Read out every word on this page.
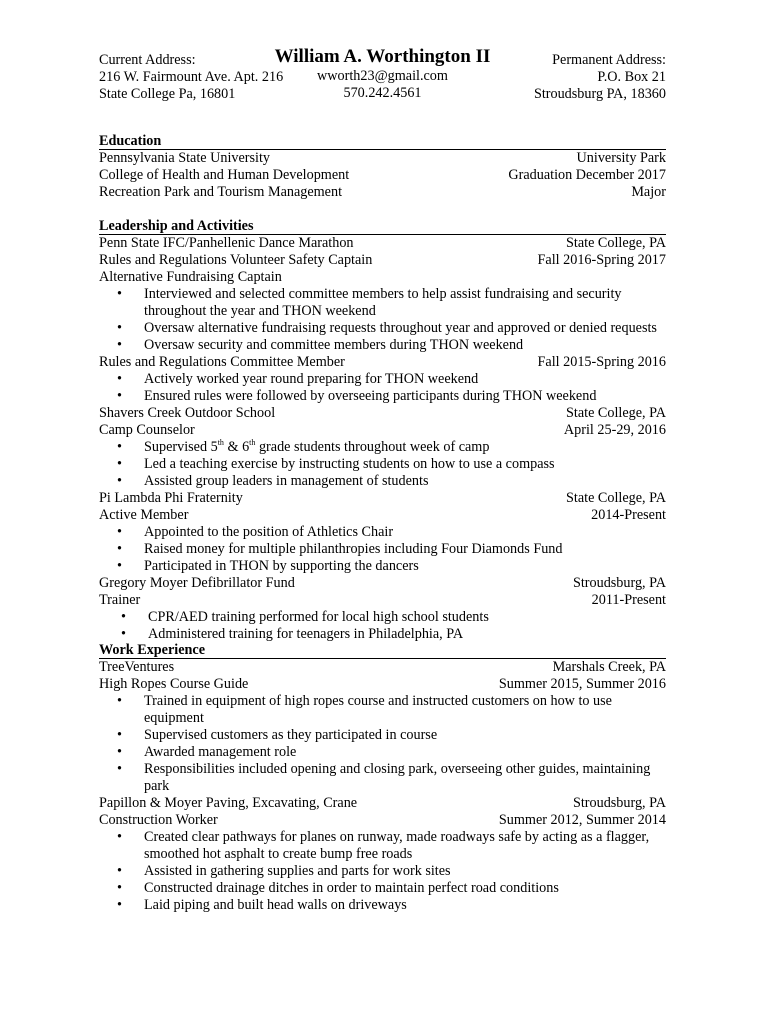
Current Address:
216 W. Fairmount Ave. Apt. 216
State College Pa, 16801
William A. Worthington II
wworth23@gmail.com
570.242.4561
Permanent Address:
P.O. Box 21
Stroudsburg PA, 18360
Education
Pennsylvania State University	University Park
College of Health and Human Development	Graduation December 2017
Recreation Park and Tourism Management	Major
Leadership and Activities
Penn State IFC/Panhellenic Dance Marathon	State College, PA
Rules and Regulations Volunteer Safety Captain	Fall 2016-Spring 2017
Alternative Fundraising Captain
• Interviewed and selected committee members to help assist fundraising and security throughout the year and THON weekend
• Oversaw alternative fundraising requests throughout year and approved or denied requests
• Oversaw security and committee members during THON weekend
Rules and Regulations Committee Member	Fall 2015-Spring 2016
• Actively worked year round preparing for THON weekend
• Ensured rules were followed by overseeing participants during THON weekend
Shavers Creek Outdoor School	State College, PA
Camp Counselor	April 25-29, 2016
• Supervised 5th & 6th grade students throughout week of camp
• Led a teaching exercise by instructing students on how to use a compass
• Assisted group leaders in management of students
Pi Lambda Phi Fraternity	State College, PA
Active Member	2014-Present
• Appointed to the position of Athletics Chair
• Raised money for multiple philanthropies including Four Diamonds Fund
• Participated in THON by supporting the dancers
Gregory Moyer Defibrillator Fund	Stroudsburg, PA
Trainer	2011-Present
• CPR/AED training performed for local high school students
• Administered training for teenagers in Philadelphia, PA
Work Experience
TreeVentures	Marshals Creek, PA
High Ropes Course Guide	Summer 2015, Summer 2016
• Trained in equipment of high ropes course and instructed customers on how to use equipment
• Supervised customers as they participated in course
• Awarded management role
• Responsibilities included opening and closing park, overseeing other guides, maintaining park
Papillon & Moyer Paving, Excavating, Crane	Stroudsburg, PA
Construction Worker	Summer 2012, Summer 2014
• Created clear pathways for planes on runway, made roadways safe by acting as a flagger, smoothed hot asphalt to create bump free roads
• Assisted in gathering supplies and parts for work sites
• Constructed drainage ditches in order to maintain perfect road conditions
• Laid piping and built head walls on driveways
